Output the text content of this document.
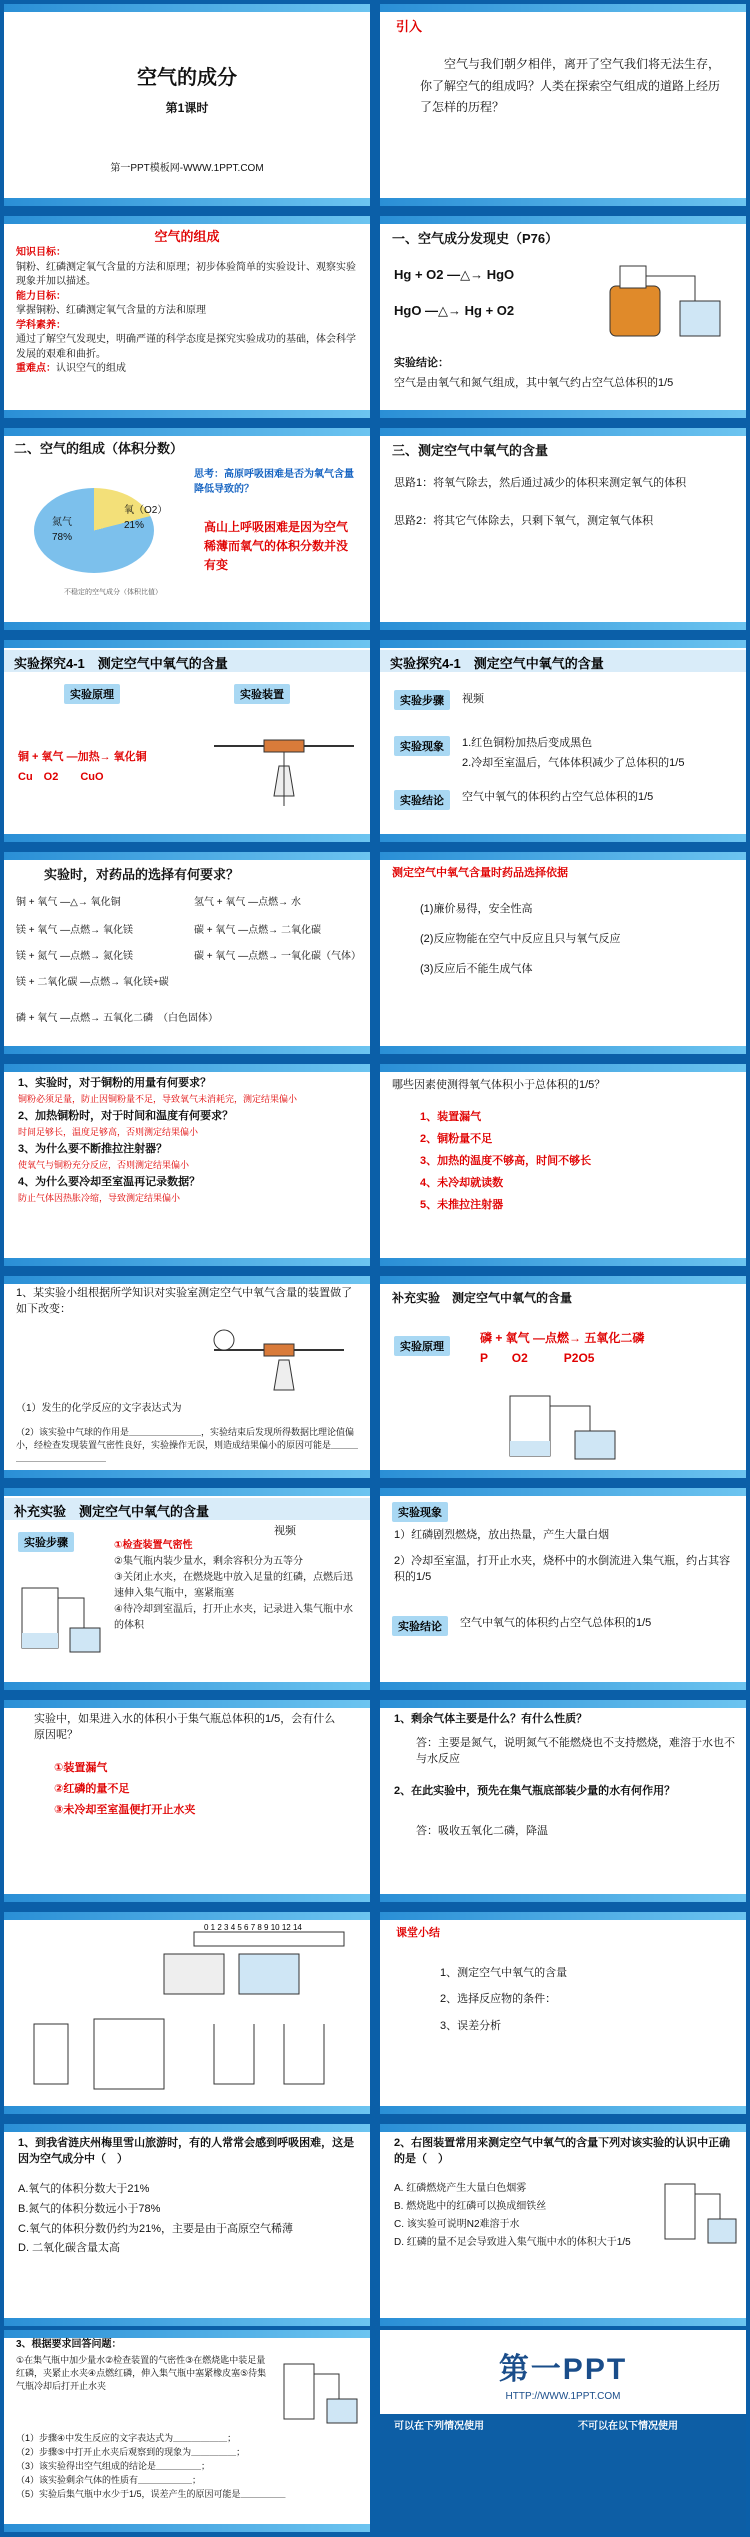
空气的成分
第1课时
第一PPT模板网-WWW.1PPT.COM
引入
空气与我们朝夕相伴，离开了空气我们将无法生存，你了解空气的组成吗？人类在探索空气组成的道路上经历了怎样的历程？
空气的组成
知识目标：
铜粉、红磷测定氧气含量的方法和原理；初步体验简单的实验设计、观察实验现象并加以描述。
能力目标：
掌握铜粉、红磷测定氧气含量的方法和原理
学科素养：
通过了解空气发现史，明确严谨的科学态度是探究实验成功的基础，体会科学发展的艰难和曲折。
重难点：认识空气的组成
一、空气成分发现史（P76）
Hg + O2 —△→ HgO
HgO —△→ Hg + O2
实验结论：
空气是由氧气和氮气组成，其中氧气约占空气总体积的1/5
二、空气的组成（体积分数）
氮气
78%
氧（O2）
21%
不稳定的空气成分（体积比值）
思考：高原呼吸困难是否为氧气含量降低导致的？
高山上呼吸困难是因为空气稀薄而氧气的体积分数并没有变
三、测定空气中氧气的含量
思路1：将氧气除去，然后通过减少的体积来测定氧气的体积
思路2：将其它气体除去，只剩下氧气，测定氧气体积
实验探究4-1　测定空气中氧气的含量
实验原理	实验装置
铜 + 氧气 —加热→ 氧化铜
Cu　O2　　CuO
实验探究4-1　测定空气中氧气的含量
实验步骤	视频
实验现象	1.红色铜粉加热后变成黑色
2.冷却至室温后，气体体积减少了总体积的1/5
实验结论	空气中氧气的体积约占空气总体积的1/5
实验时，对药品的选择有何要求？
铜 + 氧气 —△→ 氧化铜	氢气 + 氧气 —点燃→ 水
镁 + 氧气 —点燃→ 氧化镁	碳 + 氧气 —点燃→ 二氧化碳
镁 + 氮气 —点燃→ 氮化镁	碳 + 氧气 —点燃→ 一氧化碳（气体）
镁 + 二氧化碳 —点燃→ 氧化镁+碳
磷 + 氧气 —点燃→ 五氧化二磷　（白色固体）
测定空气中氧气含量时药品选择依据
(1)廉价易得，安全性高
(2)反应物能在空气中反应且只与氧气反应
(3)反应后不能生成气体
1、实验时，对于铜粉的用量有何要求？
铜粉必须足量，防止因铜粉量不足，导致氧气未消耗完，测定结果偏小
2、加热铜粉时，对于时间和温度有何要求？
时间足够长，温度足够高，否则测定结果偏小
3、为什么要不断推拉注射器？
使氧气与铜粉充分反应，否则测定结果偏小
4、为什么要冷却至室温再记录数据？
防止气体因热胀冷缩，导致测定结果偏小
哪些因素使测得氧气体积小于总体积的1/5？
1、装置漏气
2、铜粉量不足
3、加热的温度不够高，时间不够长
4、未冷却就读数
5、未推拉注射器
1、某实验小组根据所学知识对实验室测定空气中氧气含量的装置做了如下改变：
（1）发生的化学反应的文字表达式为
（2）该实验中气球的作用是＿＿＿＿＿＿＿＿，实验结束后发现所得数据比理论值偏小，经检查发现装置气密性良好，实验操作无误，则造成结果偏小的原因可能是＿＿＿＿＿＿＿＿＿＿＿＿＿
补充实验　测定空气中氧气的含量
实验原理
磷 + 氧气 —点燃→ 五氧化二磷
P　　O2　　　P2O5
补充实验　测定空气中氧气的含量
实验步骤
视频
①检查装置气密性
②集气瓶内装少量水，剩余容积分为五等分
③关闭止水夹，在燃烧匙中放入足量的红磷，点燃后迅速伸入集气瓶中，塞紧瓶塞
④待冷却到室温后，打开止水夹，记录进入集气瓶中水的体积
实验现象
1）红磷剧烈燃烧，放出热量，产生大量白烟
2）冷却至室温，打开止水夹，烧杯中的水倒流进入集气瓶，约占其容积的1/5
实验结论	空气中氧气的体积约占空气总体积的1/5
实验中，如果进入水的体积小于集气瓶总体积的1/5，会有什么原因呢？
①装置漏气
②红磷的量不足
③未冷却至室温便打开止水夹
1、剩余气体主要是什么？有什么性质？
答：主要是氮气，说明氮气不能燃烧也不支持燃烧，难溶于水也不与水反应
2、在此实验中，预先在集气瓶底部装少量的水有何作用？
答：吸收五氧化二磷，降温
0 1 2 3 4 5 6 7 8 9 10 12 14	课堂小结
1、测定空气中氧气的含量
2、选择反应物的条件：
3、误差分析
1、到我省涟庆州梅里雪山旅游时，有的人常常会感到呼吸困难，这是因为空气成分中（　）
A.氧气的体积分数大于21%
B.氮气的体积分数远小于78%
C.氧气的体积分数仍约为21%，主要是由于高原空气稀薄
D. 二氧化碳含量太高
2、右图装置常用来测定空气中氧气的含量下列对该实验的认识中正确的是（　）
A. 红磷燃烧产生大量白色烟雾
B. 燃烧匙中的红磷可以换成细铁丝
C. 该实验可说明N2难溶于水
D. 红磷的量不足会导致进入集气瓶中水的体积大于1/5
3、根据要求回答问题：
①在集气瓶中加少量水②检查装置的气密性③在燃烧匙中装足量红磷，夹紧止水夹④点燃红磷，伸入集气瓶中塞紧橡皮塞⑤待集气瓶冷却后打开止水夹
（1）步骤④中发生反应的文字表达式为＿＿＿＿＿＿；
（2）步骤⑤中打开止水夹后观察到的现象为＿＿＿＿＿；
（3）该实验得出空气组成的结论是＿＿＿＿＿；
（4）该实验剩余气体的性质有＿＿＿＿＿＿；
（5）实验后集气瓶中水少于1/5，误差产生的原因可能是＿＿＿＿＿
第一PPT
HTTP://WWW.1PPT.COM
可以在下列情况使用	不可以在以下情况使用
